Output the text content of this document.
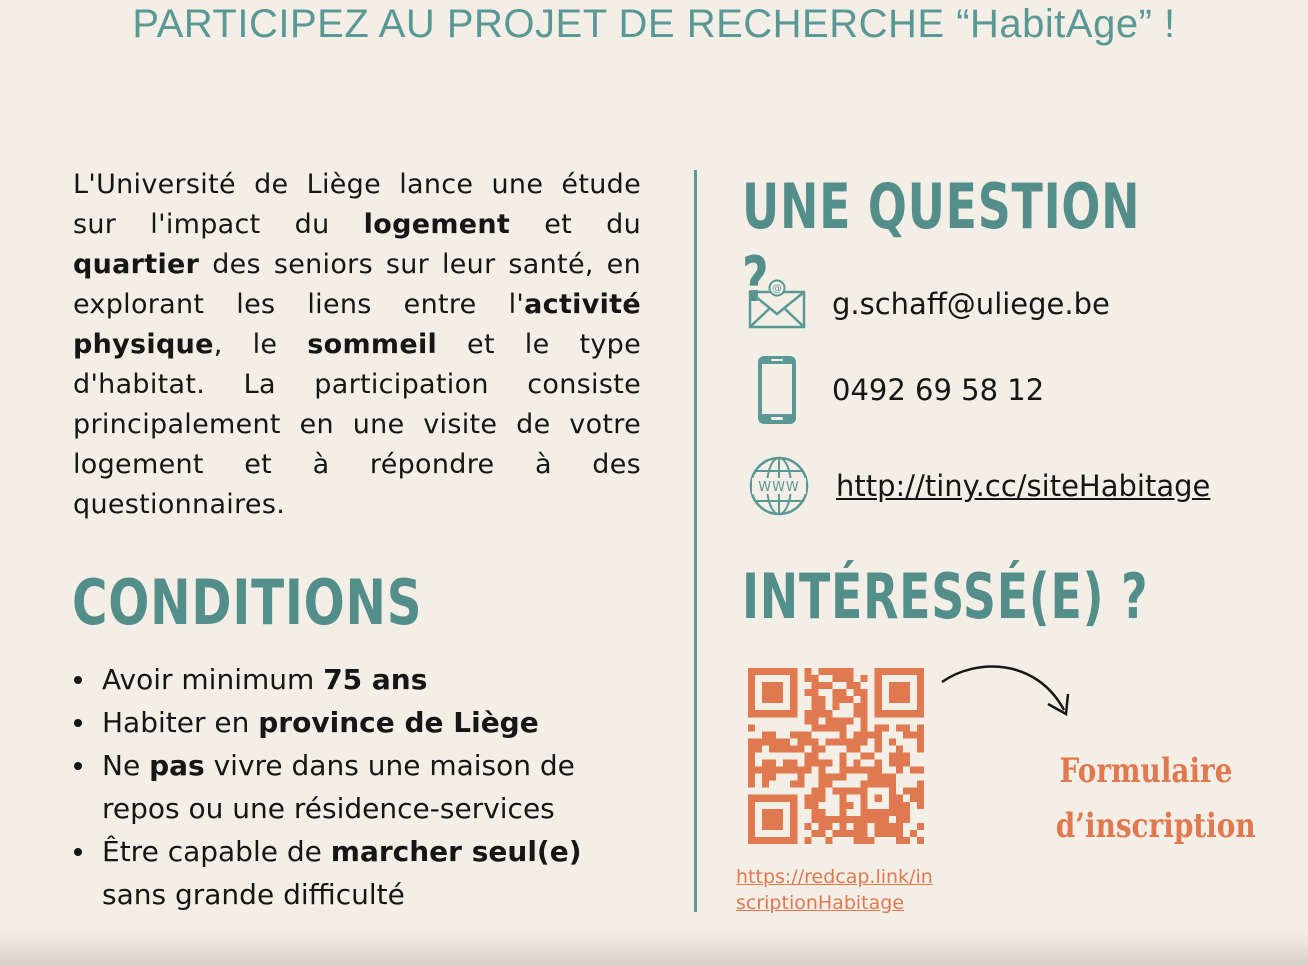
PARTICIPEZ AU PROJET DE RECHERCHE “HabitAge” !

L'Université de Liège lance une étude sur l'impact du logement et du quartier des seniors sur leur santé, en explorant les liens entre l'activité physique, le sommeil et le type d'habitat. La participation consiste principalement en une visite de votre logement et à répondre à des questionnaires.

CONDITIONS
Avoir minimum 75 ans
Habiter en province de Liège
Ne pas vivre dans une maison de repos ou une résidence-services
Être capable de marcher seul(e) sans grande difficulté
UNE QUESTION ? @ g.schaff@uliege.be
0492 69 58 12
WWW http://tiny.cc/siteHabitage
INTÉRESSÉ(E) ?
https://redcap.link/inscriptionHabitage
Formulaire
d’inscription
